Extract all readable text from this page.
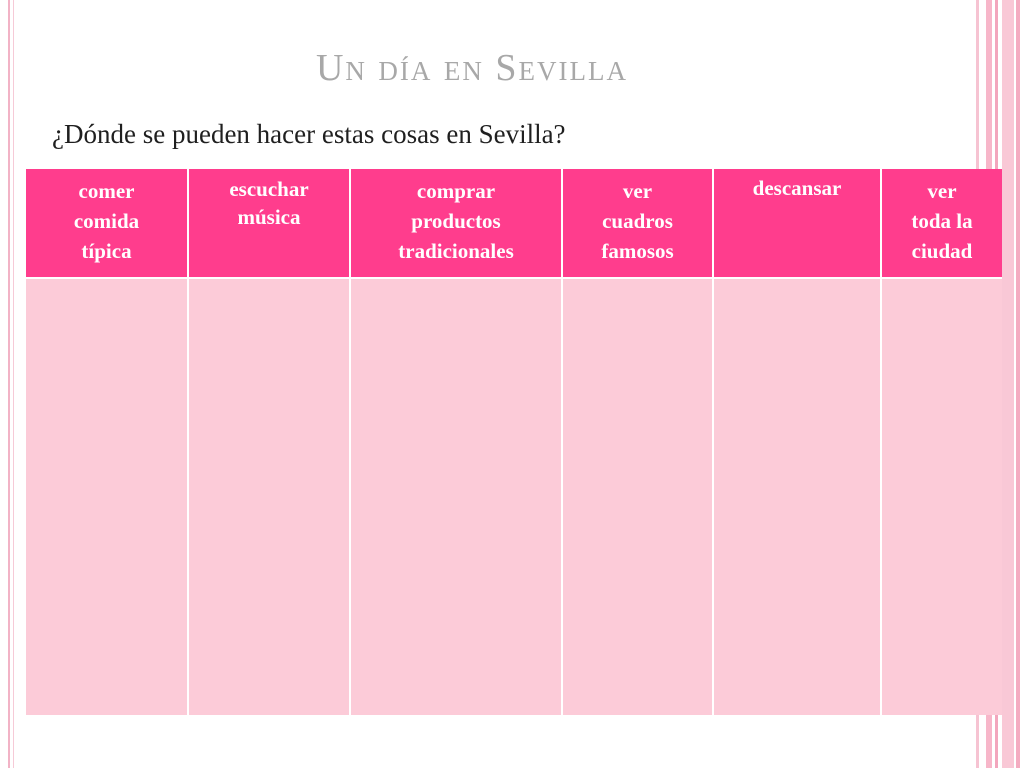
Un día en Sevilla
¿Dónde se pueden hacer estas cosas en Sevilla?
comer
comida
típica
escuchar
música
comprar
productos
tradicionales
ver
cuadros
famosos
descansar	ver
toda la
ciudad
